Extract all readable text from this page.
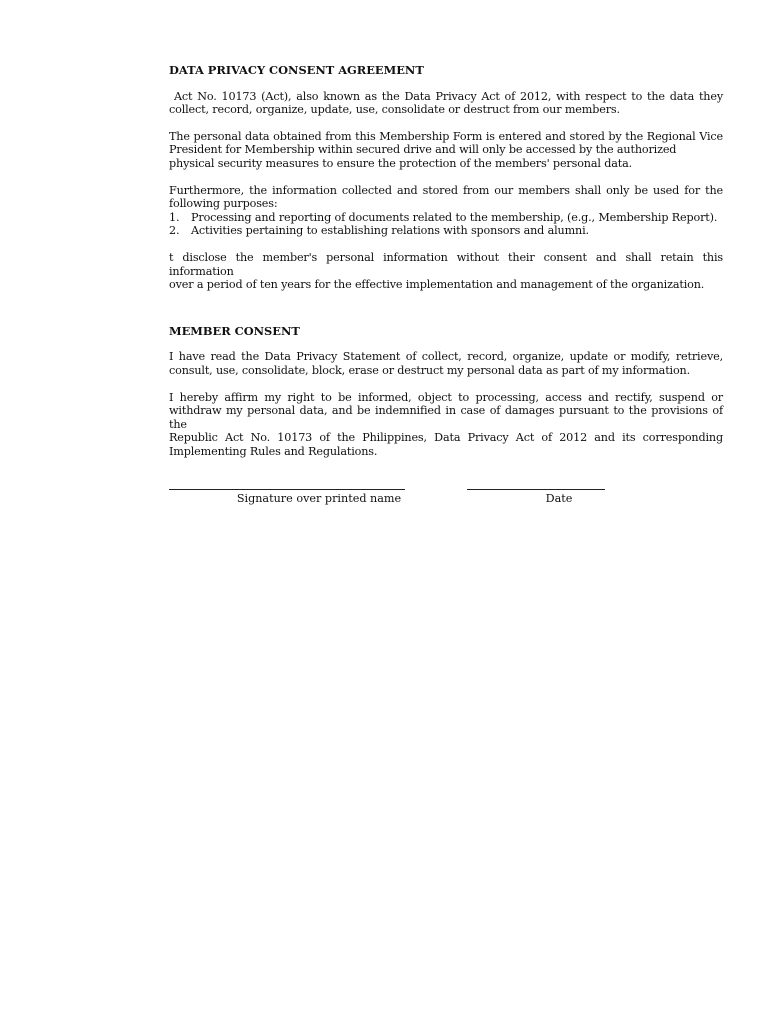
DATA PRIVACY CONSENT AGREEMENT

Act No. 10173 (Act), also known as the Data Privacy Act of 2012, with respect to the data they
collect, record, organize, update, use, consolidate or destruct from our members.

The personal data obtained from this Membership Form is entered and stored by the Regional Vice
President for Membership within secured drive and will only be accessed by the authorized
physical security measures to ensure the protection of the members' personal data.

Furthermore, the information collected and stored from our members shall only be used for the
following purposes:
1.	Processing and reporting of documents related to the membership, (e.g., Membership Report).
2.	Activities pertaining to establishing relations with sponsors and alumni.

t disclose the member's personal information without their consent and shall retain this information
over a period of ten years for the effective implementation and management of the organization.

MEMBER CONSENT

I have read the Data Privacy Statement of collect, record, organize, update or modify, retrieve,
consult, use, consolidate, block, erase or destruct my personal data as part of my information.

I hereby affirm my right to be informed, object to processing, access and rectify, suspend or
withdraw my personal data, and be indemnified in case of damages pursuant to the provisions of the
Republic Act No. 10173 of the Philippines, Data Privacy Act of 2012 and its corresponding
Implementing Rules and Regulations.

Signature over printed name	Date
